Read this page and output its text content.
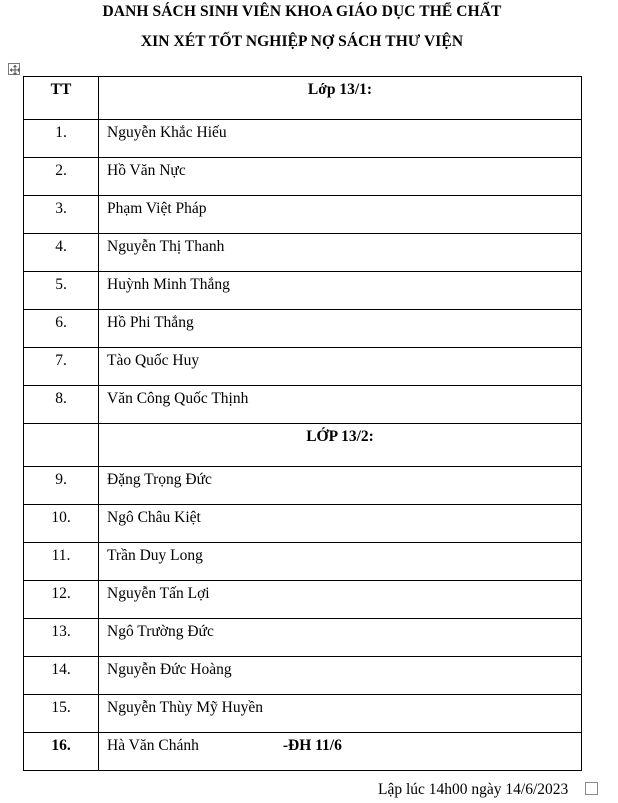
DANH SÁCH SINH VIÊN KHOA GIÁO DỤC THỂ CHẤT
XIN XÉT TỐT NGHIỆP NỢ SÁCH THƯ VIỆN
TT	Lớp 13/1:
1.	Nguyễn Khắc Hiếu
2.	Hồ Văn Nực
3.	Phạm Việt Pháp
4.	Nguyễn Thị Thanh
5.	Huỳnh Minh Thắng
6.	Hồ Phi Thắng
7.	Tào Quốc Huy
8.	Văn Công Quốc Thịnh
	LỚP 13/2:
9.	Đặng Trọng Đức
10.	Ngô Châu Kiệt
11.	Trần Duy Long
12.	Nguyễn Tấn Lợi
13.	Ngô Trường Đức
14.	Nguyễn Đức Hoàng
15.	Nguyễn Thùy Mỹ Huyền
16.	Hà Văn Chánh -ĐH 11/6
Lập lúc 14h00 ngày 14/6/2023
